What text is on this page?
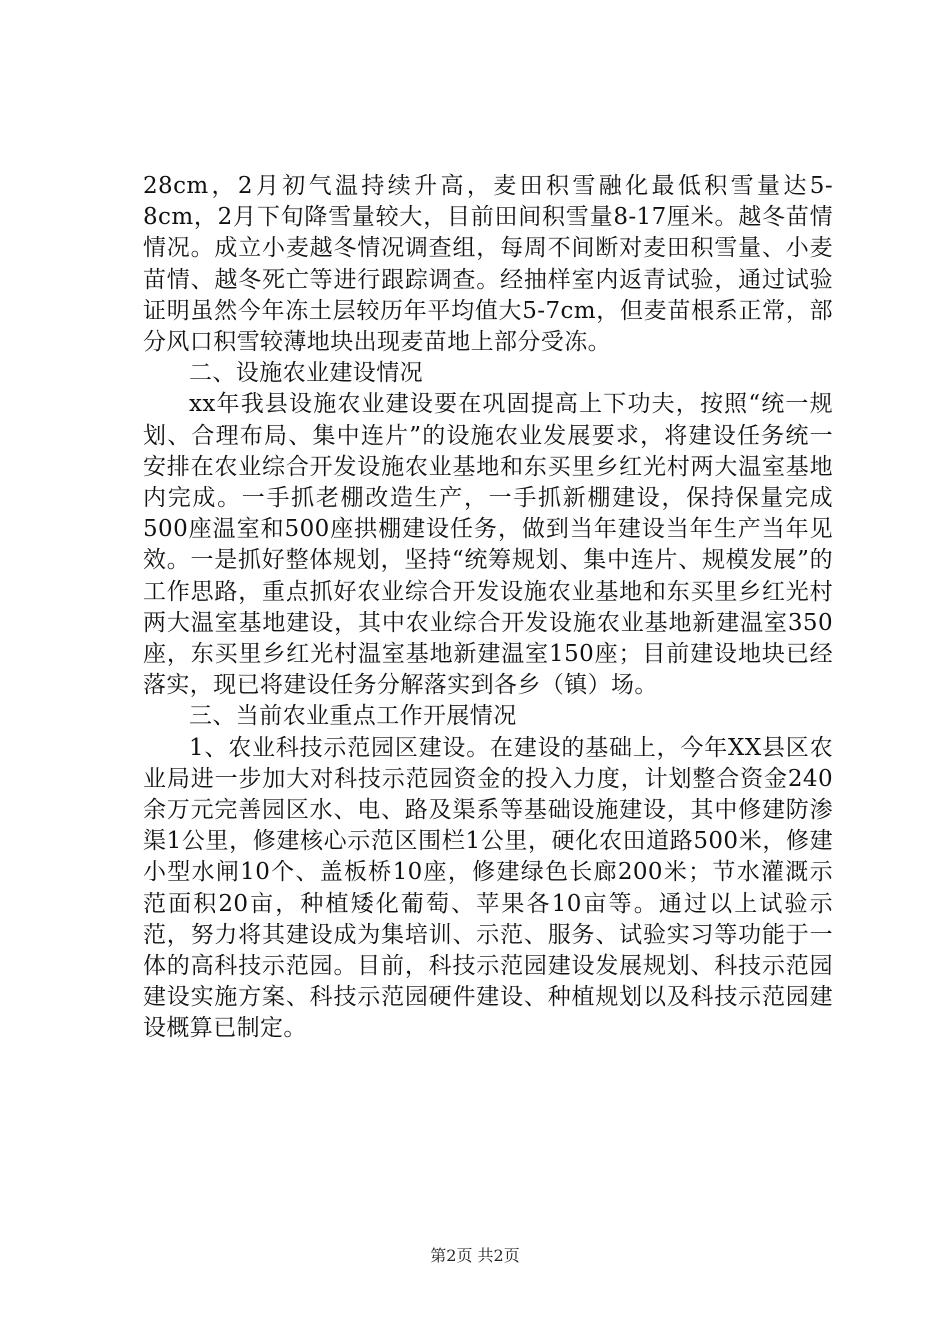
28cm，2月初气温持续升高，麦田积雪融化最低积雪量达5-8cm，2月下旬降雪量较大，目前田间积雪量8-17厘米。越冬苗情情况。成立小麦越冬情况调查组，每周不间断对麦田积雪量、小麦苗情、越冬死亡等进行跟踪调查。经抽样室内返青试验，通过试验证明虽然今年冻土层较历年平均值大5-7cm，但麦苗根系正常，部分风口积雪较薄地块出现麦苗地上部分受冻。

二、设施农业建设情况

xx年我县设施农业建设要在巩固提高上下功夫，按照“统一规划、合理布局、集中连片”的设施农业发展要求，将建设任务统一安排在农业综合开发设施农业基地和东买里乡红光村两大温室基地内完成。一手抓老棚改造生产，一手抓新棚建设，保持保量完成500座温室和500座拱棚建设任务，做到当年建设当年生产当年见效。一是抓好整体规划，坚持“统筹规划、集中连片、规模发展”的工作思路，重点抓好农业综合开发设施农业基地和东买里乡红光村两大温室基地建设，其中农业综合开发设施农业基地新建温室350座，东买里乡红光村温室基地新建温室150座；目前建设地块已经落实，现已将建设任务分解落实到各乡（镇）场。

三、当前农业重点工作开展情况

1、农业科技示范园区建设。在建设的基础上，今年XX县区农业局进一步加大对科技示范园资金的投入力度，计划整合资金240余万元完善园区水、电、路及渠系等基础设施建设，其中修建防渗渠1公里，修建核心示范区围栏1公里，硬化农田道路500米，修建小型水闸10个、盖板桥10座，修建绿色长廊200米；节水灌溉示范面积20亩，种植矮化葡萄、苹果各10亩等。通过以上试验示范，努力将其建设成为集培训、示范、服务、试验实习等功能于一体的高科技示范园。目前，科技示范园建设发展规划、科技示范园建设实施方案、科技示范园硬件建设、种植规划以及科技示范园建设概算已制定。

第2页 共2页
